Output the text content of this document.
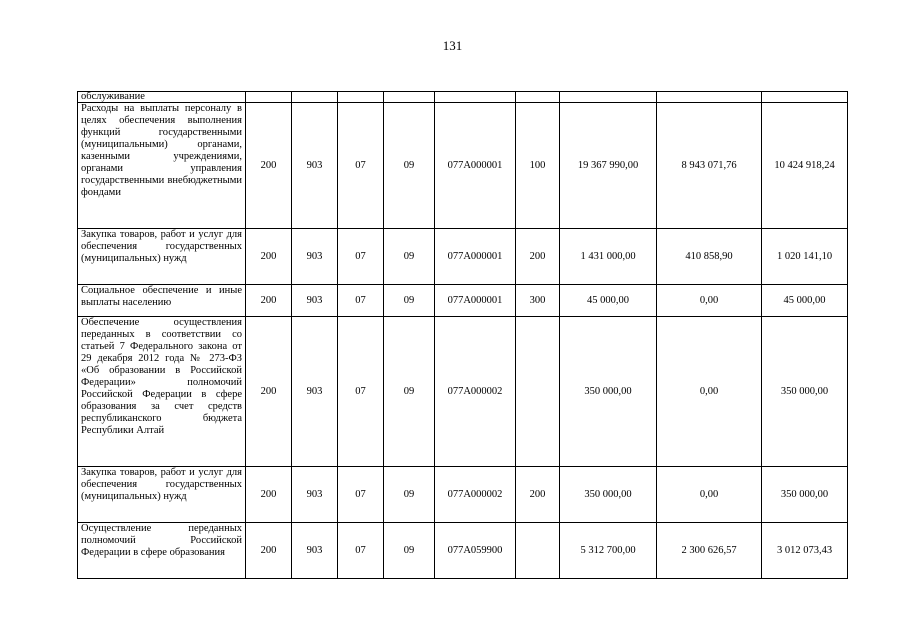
131
обслуживание									
Расходы на выплаты персоналу в целях обеспечения выполнения функций государственными (муниципальными) органами, казенными учреждениями, органами управления государственными внебюджетными фондами	200	903	07	09	077А000001	100	19 367 990,00	8 943 071,76	10 424 918,24
Закупка товаров, работ и услуг для обеспечения государственных (муниципальных) нужд	200	903	07	09	077А000001	200	1 431 000,00	410 858,90	1 020 141,10
Социальное обеспечение и иные выплаты населению	200	903	07	09	077А000001	300	45 000,00	0,00	45 000,00
Обеспечение осуществления переданных в соответствии со статьей 7 Федерального закона от 29 декабря 2012 года № 273-ФЗ «Об образовании в Российской Федерации» полномочий Российской Федерации в сфере образования за счет средств республиканского бюджета Республики Алтай	200	903	07	09	077А000002		350 000,00	0,00	350 000,00
Закупка товаров, работ и услуг для обеспечения государственных (муниципальных) нужд	200	903	07	09	077А000002	200	350 000,00	0,00	350 000,00
Осуществление переданных полномочий Российской Федерации в сфере образования	200	903	07	09	077А059900		5 312 700,00	2 300 626,57	3 012 073,43
